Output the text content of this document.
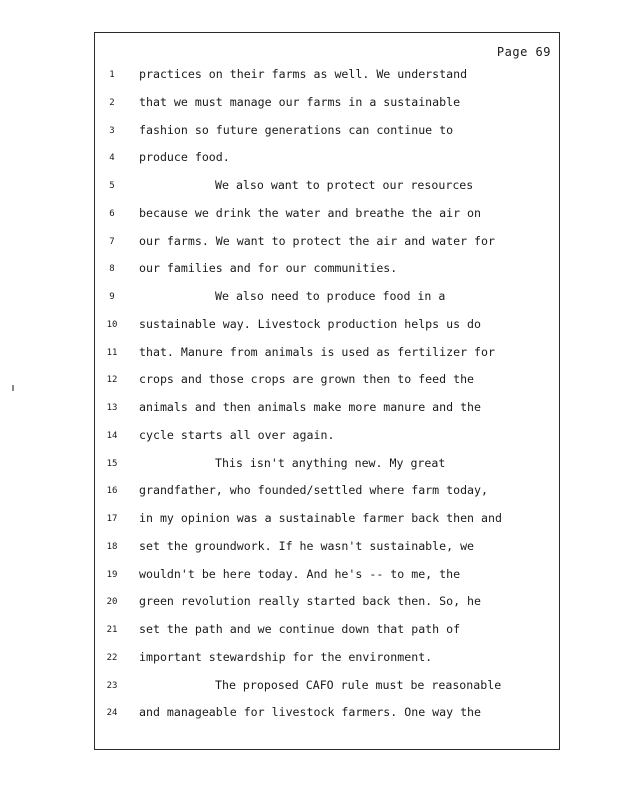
Page 69
1	practices on their farms as well. We understand
2	that we must manage our farms in a sustainable
3	fashion so future generations can continue to
4	produce food.
5	We also want to protect our resources
6	because we drink the water and breathe the air on
7	our farms. We want to protect the air and water for
8	our families and for our communities.
9	We also need to produce food in a
10 sustainable way. Livestock production helps us do
11 that. Manure from animals is used as fertilizer for
12 crops and those crops are grown then to feed the
13 animals and then animals make more manure and the
14 cycle starts all over again.
15	This isn't anything new. My great
16 grandfather, who founded/settled where farm today,
17 in my opinion was a sustainable farmer back then and
18 set the groundwork. If he wasn't sustainable, we
19 wouldn't be here today. And he's -- to me, the
20 green revolution really started back then. So, he
21 set the path and we continue down that path of
22 important stewardship for the environment.
23	The proposed CAFO rule must be reasonable
24 and manageable for livestock farmers. One way the
